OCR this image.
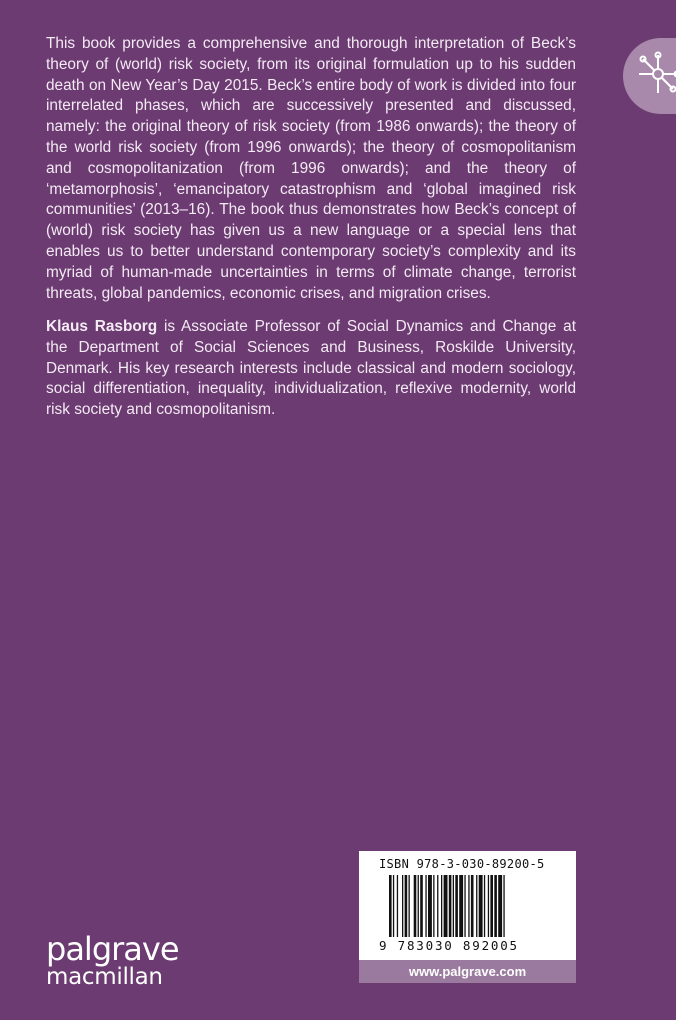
This book provides a comprehensive and thorough interpretation of Beck’s theory of (world) risk society, from its original formulation up to his sudden death on New Year’s Day 2015. Beck’s entire body of work is divided into four interrelated phases, which are successively presented and discussed, namely: the original theory of risk society (from 1986 onwards); the theory of the world risk society (from 1996 onwards); the theory of cosmopolitanism and cosmopolitanization (from 1996 onwards); and the theory of ‘metamorphosis’, ‘emancipatory catastrophism and ‘global imagined risk communities’ (2013–16). The book thus demonstrates how Beck’s concept of (world) risk society has given us a new language or a special lens that enables us to better understand contemporary society’s complexity and its myriad of human-made uncertainties in terms of climate change, terrorist threats, global pandemics, economic crises, and migration crises.

Klaus Rasborg is Associate Professor of Social Dynamics and Change at the Department of Social Sciences and Business, Roskilde University, Denmark. His key research interests include classical and modern sociology, social differentiation, inequality, individualization, reflexive modernity, world risk society and cosmopolitanism.

palgrave
macmillan
ISBN 978-3-030-89200-5
9 783030 892005
www.palgrave.com
